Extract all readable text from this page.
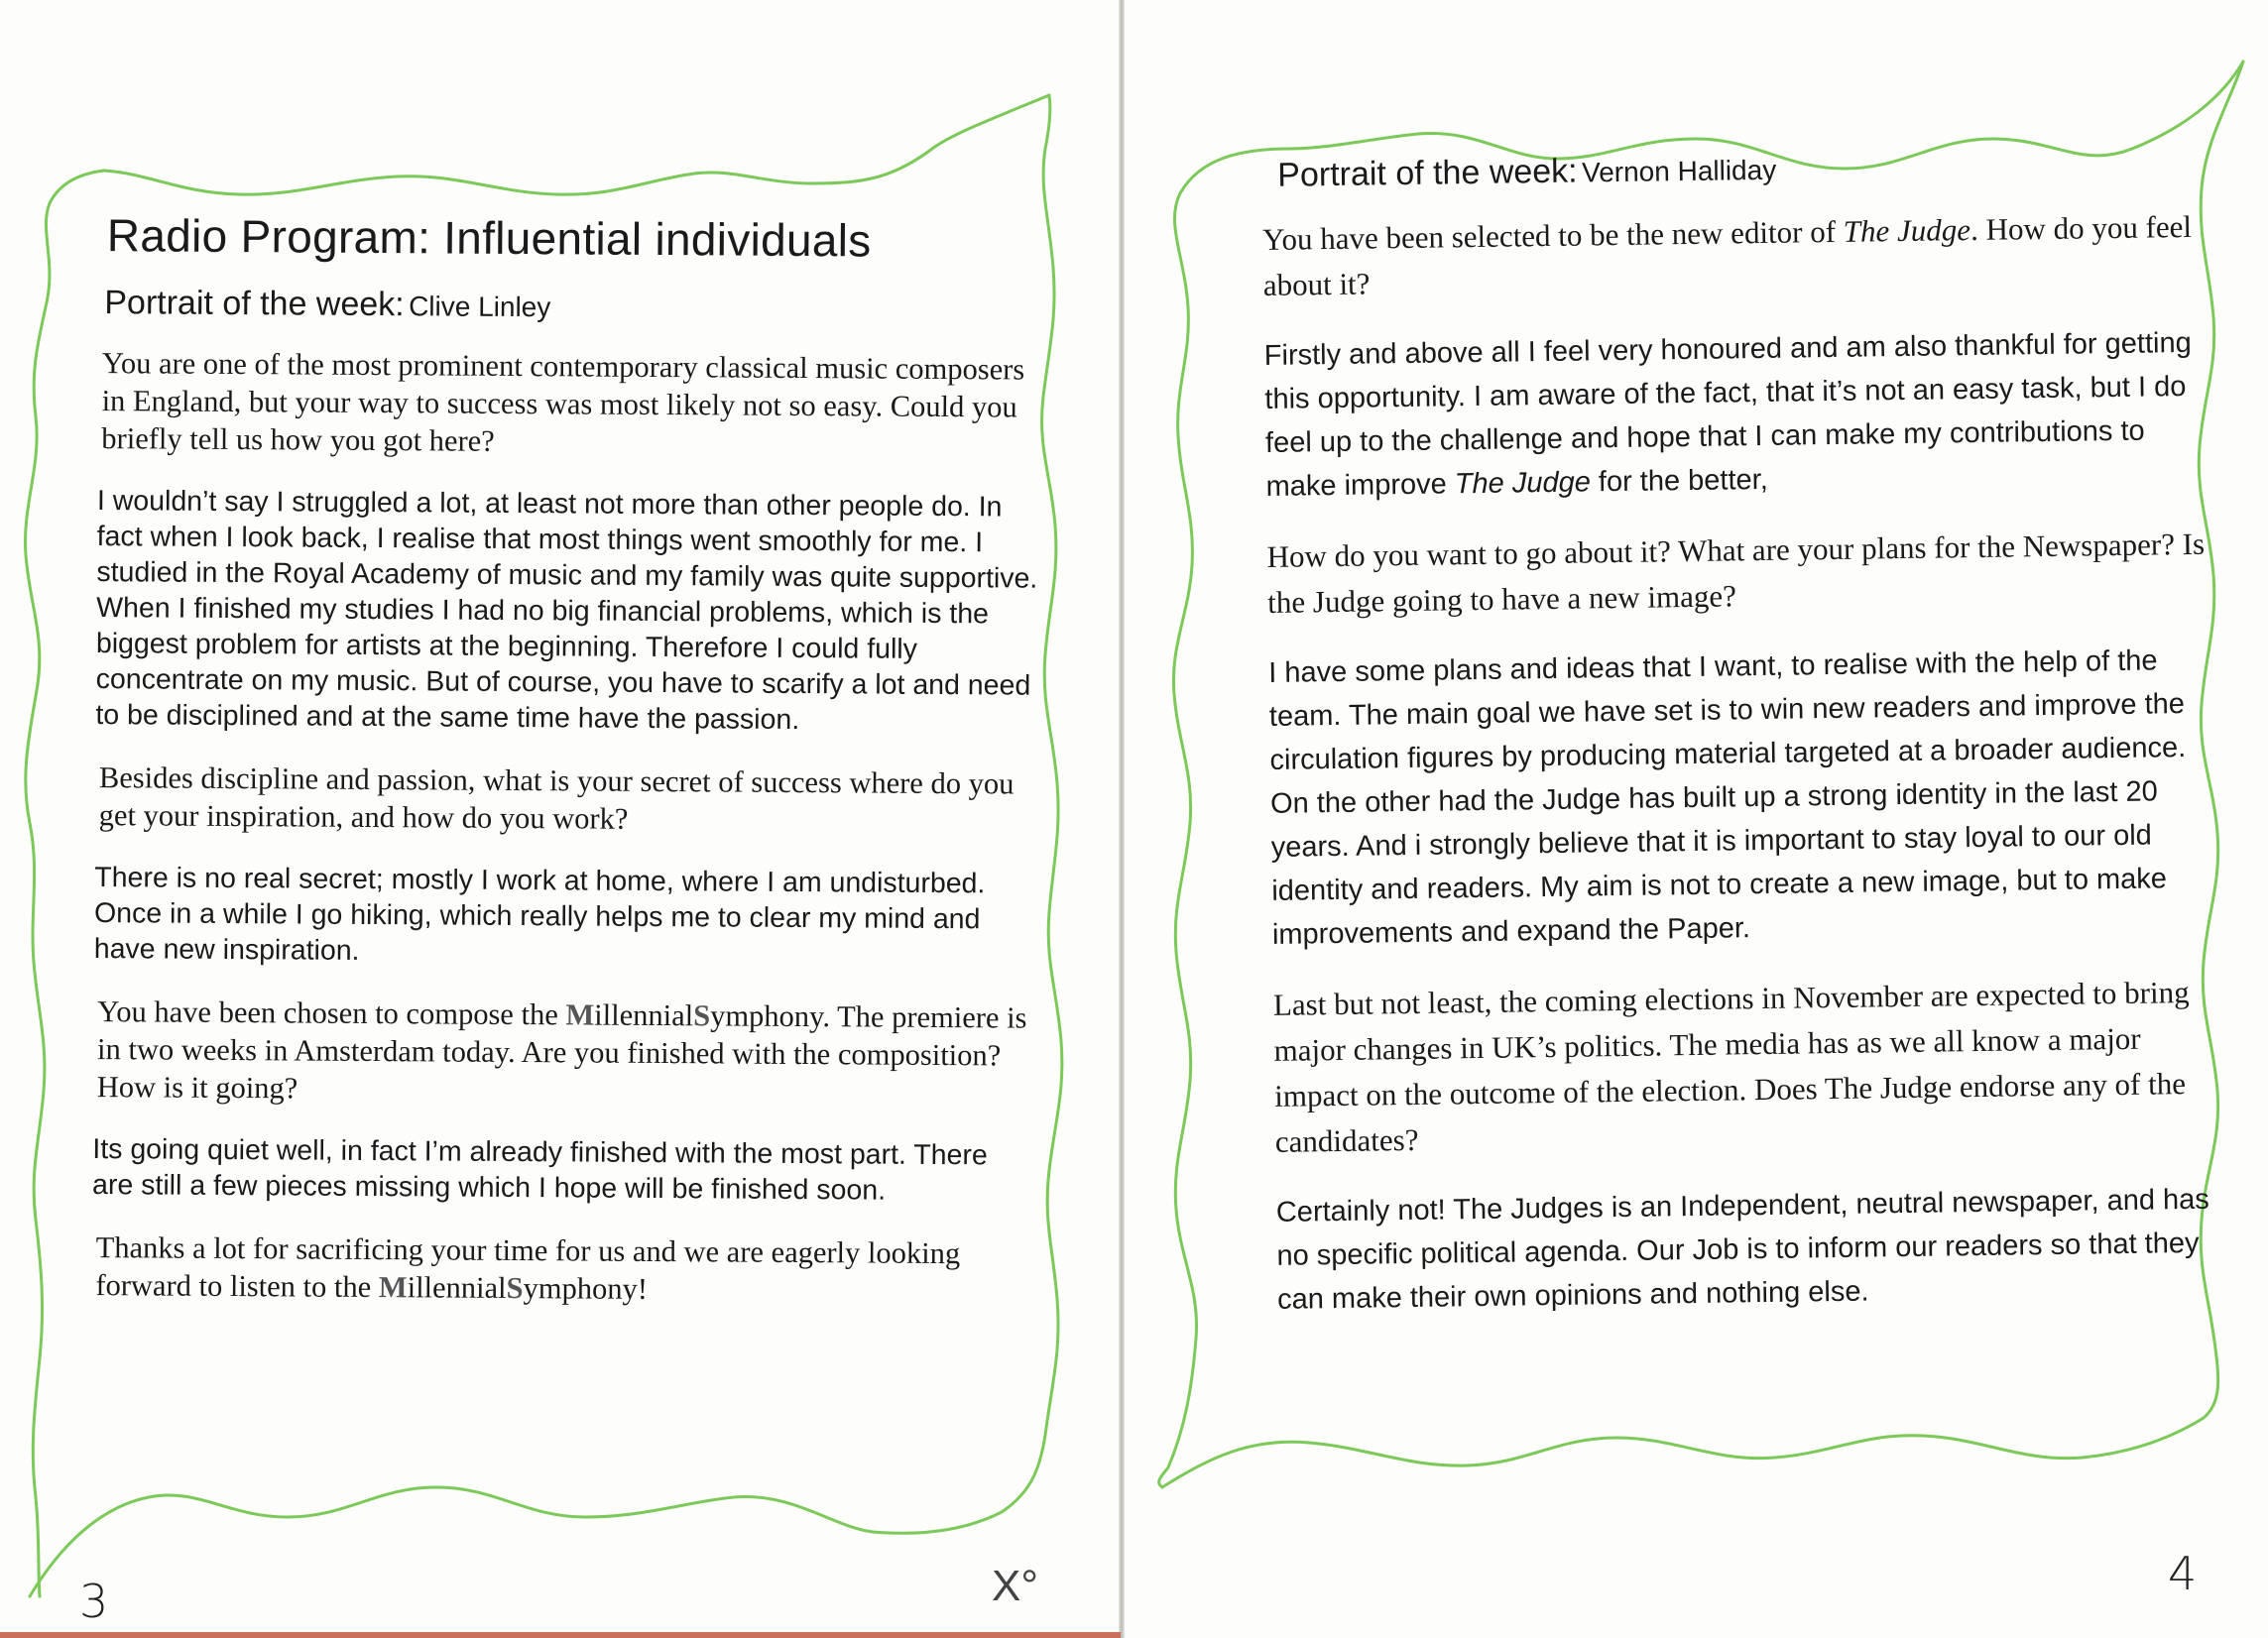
Radio Program: Influential individuals
Portrait of the week: Clive Linley

You are one of the most prominent contemporary classical music composers in England, but your way to success was most likely not so easy. Could you briefly tell us how you got here?

I wouldn’t say I struggled a lot, at least not more than other people do. In fact when I look back, I realise that most things went smoothly for me. I studied in the Royal Academy of music and my family was quite supportive. When I finished my studies I had no big financial problems, which is the biggest problem for artists at the beginning. Therefore I could fully concentrate on my music. But of course, you have to scarify a lot and need to be disciplined and at the same time have the passion.

Besides discipline and passion, what is your secret of success where do you get your inspiration, and how do you work?

There is no real secret; mostly I work at home, where I am undisturbed. Once in a while I go hiking, which really helps me to clear my mind and have new inspiration.

You have been chosen to compose the MillennialSymphony. The premiere is in two weeks in Amsterdam today. Are you finished with the composition? How is it going?

Its going quiet well, in fact I’m already finished with the most part. There are still a few pieces missing which I hope will be finished soon.

Thanks a lot for sacrificing your time for us and we are eagerly looking forward to listen to the MillennialSymphony!

Portrait of the week: Vernon Halliday

You have been selected to be the new editor of The Judge. How do you feel about it?

Firstly and above all I feel very honoured and am also thankful for getting this opportunity. I am aware of the fact, that it’s not an easy task, but I do feel up to the challenge and hope that I can make my contributions to make improve The Judge for the better,

How do you want to go about it? What are your plans for the Newspaper? Is the Judge going to have a new image?

I have some plans and ideas that I want, to realise with the help of the team. The main goal we have set is to win new readers and improve the circulation figures by producing material targeted at a broader audience. On the other had the Judge has built up a strong identity in the last 20 years. And i strongly believe that it is important to stay loyal to our old identity and readers. My aim is not to create a new image, but to make improvements and expand the Paper.

Last but not least, the coming elections in November are expected to bring major changes in UK’s politics. The media has as we all know a major impact on the outcome of the election. Does The Judge endorse any of the candidates?

Certainly not! The Judges is an Independent, neutral newspaper, and has no specific political agenda. Our Job is to inform our readers so that they can make their own opinions and nothing else.

3
4
X°
